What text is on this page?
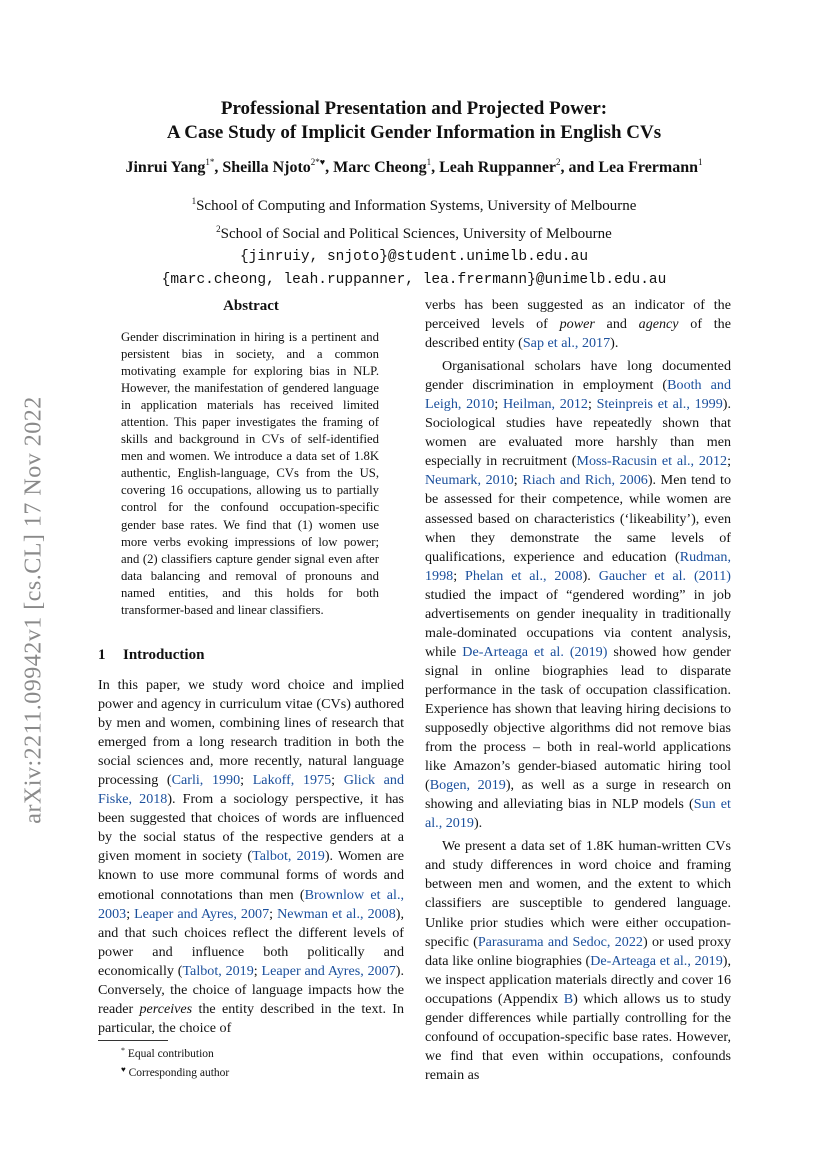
Professional Presentation and Projected Power:
A Case Study of Implicit Gender Information in English CVs
Jinrui Yang$^{1*}$, Sheilla Njoto$^{2*♥}$, Marc Cheong$^1$, Leah Ruppanner$^2$, and Lea Frermann$^1$
$^1$School of Computing and Information Systems, University of Melbourne
$^2$School of Social and Political Sciences, University of Melbourne
{jinruiy, snjoto}@student.unimelb.edu.au
{marc.cheong, leah.ruppanner, lea.frermann}@unimelb.edu.au
arXiv:2211.09942v1 [cs.CL] 17 Nov 2022
Abstract
Gender discrimination in hiring is a pertinent and persistent bias in society, and a common motivating example for exploring bias in NLP. However, the manifestation of gendered language in application materials has received limited attention. This paper investigates the framing of skills and background in CVs of self-identified men and women. We introduce a data set of 1.8K authentic, English-language, CVs from the US, covering 16 occupations, allowing us to partially control for the confound occupation-specific gender base rates. We find that (1) women use more verbs evoking impressions of low power; and (2) classifiers capture gender signal even after data balancing and removal of pronouns and named entities, and this holds for both transformer-based and linear classifiers.
1 Introduction

In this paper, we study word choice and implied power and agency in curriculum vitae (CVs) authored by men and women, combining lines of research that emerged from a long research tradition in both the social sciences and, more recently, natural language processing (Carli, 1990; Lakoff, 1975; Glick and Fiske, 2018). From a sociology perspective, it has been suggested that choices of words are influenced by the social status of the respective genders at a given moment in society (Talbot, 2019). Women are known to use more communal forms of words and emotional connotations than men (Brownlow et al., 2003; Leaper and Ayres, 2007; Newman et al., 2008), and that such choices reflect the different levels of power and influence both politically and economically (Talbot, 2019; Leaper and Ayres, 2007). Conversely, the choice of language impacts how the reader perceives the entity described in the text. In particular, the choice of

verbs has been suggested as an indicator of the perceived levels of power and agency of the described entity (Sap et al., 2017).

Organisational scholars have long documented gender discrimination in employment (Booth and Leigh, 2010; Heilman, 2012; Steinpreis et al., 1999). Sociological studies have repeatedly shown that women are evaluated more harshly than men especially in recruitment (Moss-Racusin et al., 2012; Neumark, 2010; Riach and Rich, 2006). Men tend to be assessed for their competence, while women are assessed based on characteristics (‘likeability’), even when they demonstrate the same levels of qualifications, experience and education (Rudman, 1998; Phelan et al., 2008). Gaucher et al. (2011) studied the impact of “gendered wording” in job advertisements on gender inequality in traditionally male-dominated occupations via content analysis, while De-Arteaga et al. (2019) showed how gender signal in online biographies lead to disparate performance in the task of occupation classification. Experience has shown that leaving hiring decisions to supposedly objective algorithms did not remove bias from the process – both in real-world applications like Amazon’s gender-biased automatic hiring tool (Bogen, 2019), as well as a surge in research on showing and alleviating bias in NLP models (Sun et al., 2019).

We present a data set of 1.8K human-written CVs and study differences in word choice and framing between men and women, and the extent to which classifiers are susceptible to gendered language. Unlike prior studies which were either occupation-specific (Parasurama and Sedoc, 2022) or used proxy data like online biographies (De-Arteaga et al., 2019), we inspect application materials directly and cover 16 occupations (Appendix B) which allows us to study gender differences while partially controlling for the confound of occupation-specific base rates. However, we find that even within occupations, confounds remain as

* Equal contribution
♥ Corresponding author
